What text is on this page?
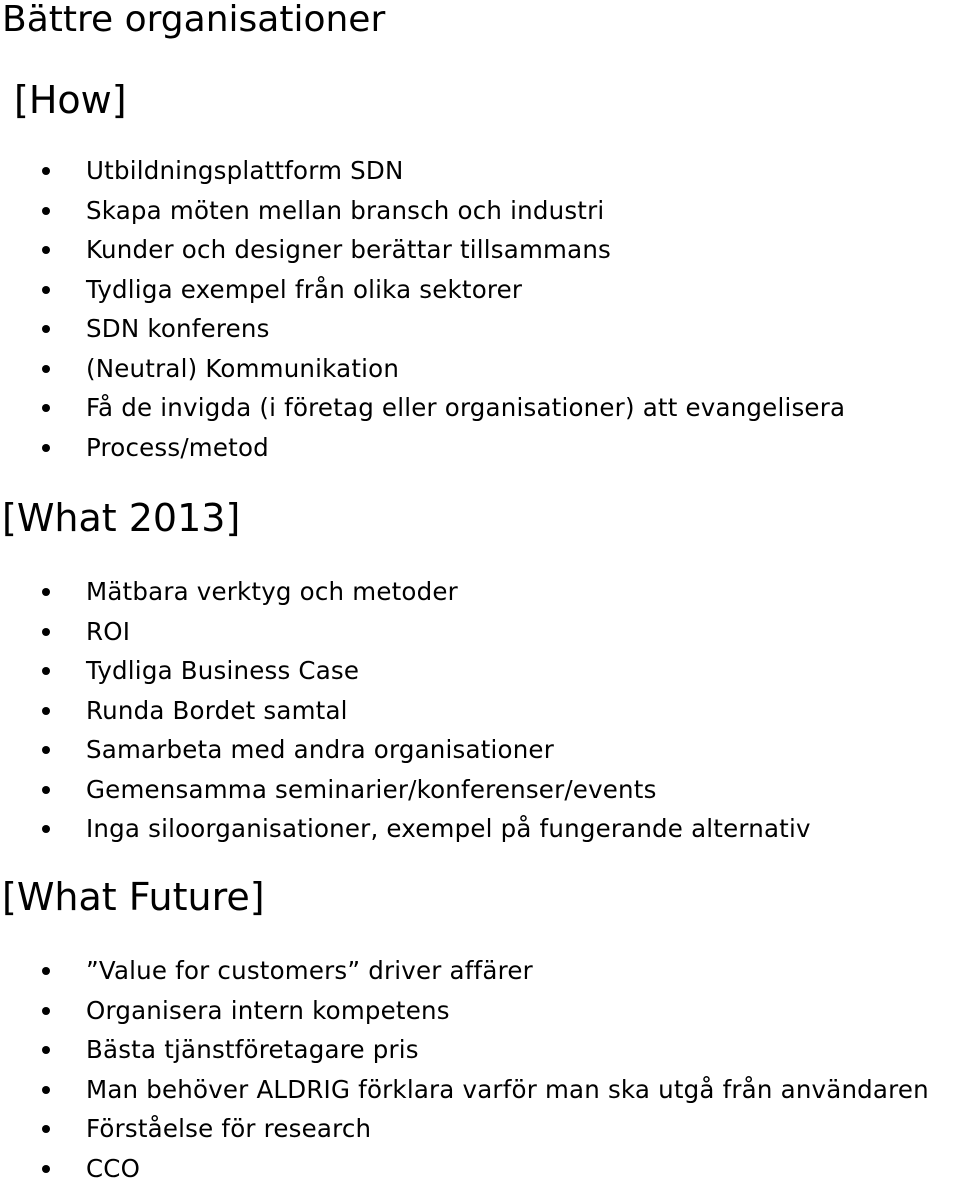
Bättre organisationer
[How]
Utbildningsplattform SDN
Skapa möten mellan bransch och industri
Kunder och designer berättar tillsammans
Tydliga exempel från olika sektorer
SDN konferens
(Neutral) Kommunikation
Få de invigda (i företag eller organisationer) att evangelisera
Process/metod
[What 2013]
Mätbara verktyg och metoder
ROI
Tydliga Business Case
Runda Bordet samtal
Samarbeta med andra organisationer
Gemensamma seminarier/konferenser/events
Inga siloorganisationer, exempel på fungerande alternativ
[What Future]
”Value for customers” driver affärer
Organisera intern kompetens
Bästa tjänstföretagare pris
Man behöver ALDRIG förklara varför man ska utgå från användaren
Förståelse för research
CCO
